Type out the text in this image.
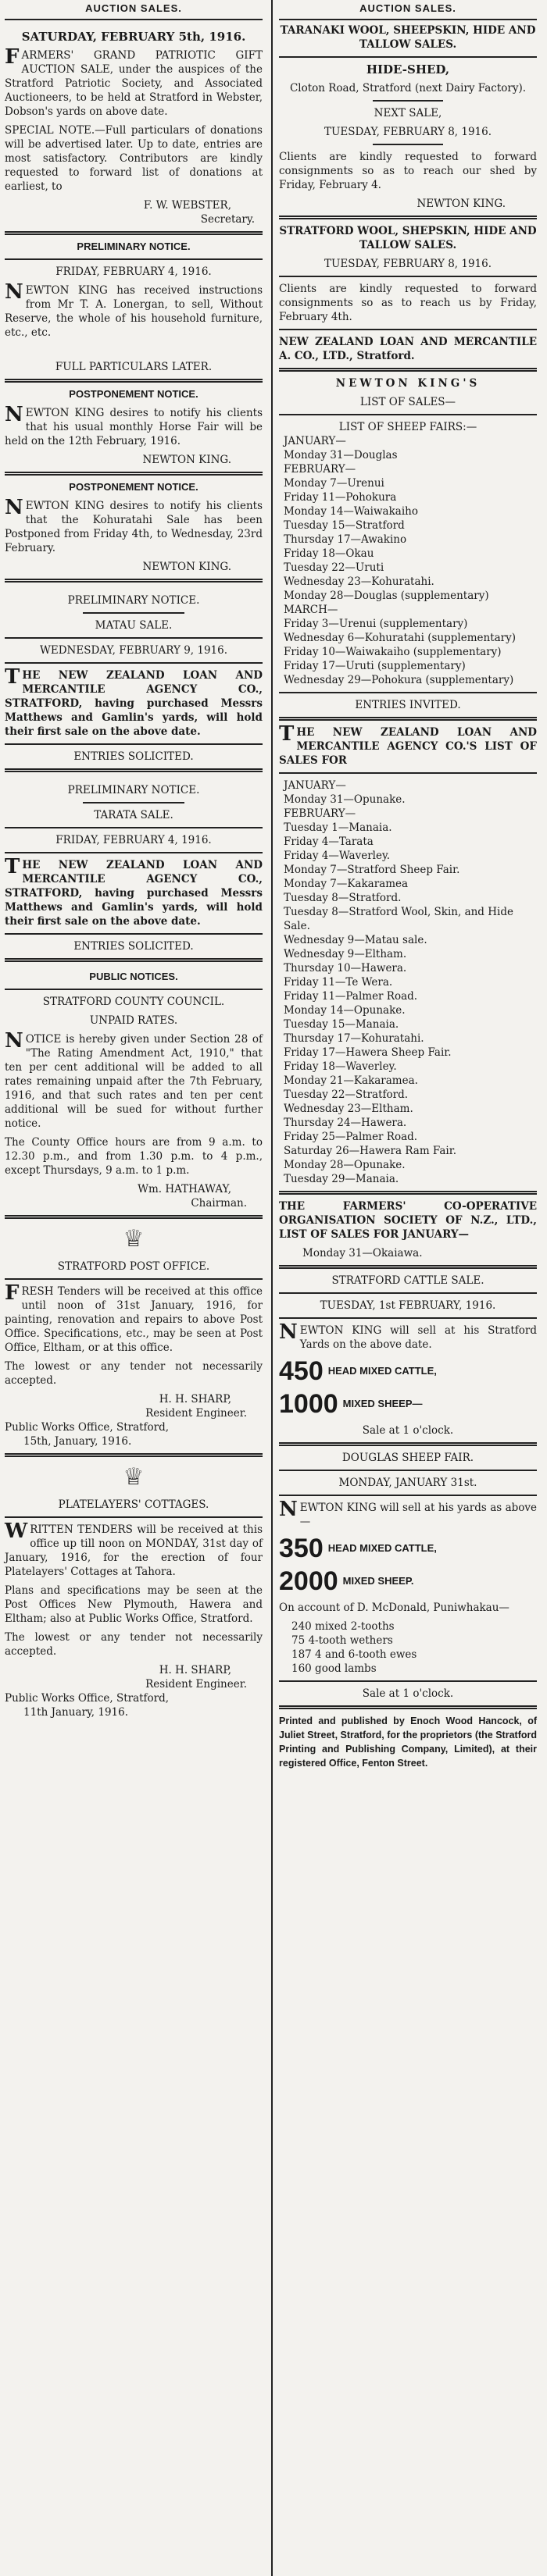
AUCTION SALES.

SATURDAY, FEBRUARY 5th, 1916.

FARMERS' GRAND PATRIOTIC GIFT AUCTION SALE, under the auspices of the Stratford Patriotic Society, and Associated Auctioneers, to be held at Stratford in Webster, Dobson's yards on above date.

SPECIAL NOTE.—Full particulars of donations will be advertised later. Up to date, entries are most satisfactory. Contributors are kindly requested to forward list of donations at earliest, to

F. W. WEBSTER,
Secretary.

PRELIMINARY NOTICE.

FRIDAY, FEBRUARY 4, 1916.

NEWTON KING has received instructions from Mr T. A. Lonergan, to sell, Without Reserve, the whole of his household furniture, etc., etc.

FULL PARTICULARS LATER.

POSTPONEMENT NOTICE.

NEWTON KING desires to notify his clients that his usual monthly Horse Fair will be held on the 12th February, 1916.

NEWTON KING.

POSTPONEMENT NOTICE.

NEWTON KING desires to notify his clients that the Kohuratahi Sale has been Postponed from Friday 4th, to Wednesday, 23rd February.

NEWTON KING.

PRELIMINARY NOTICE.

MATAU SALE.

WEDNESDAY, FEBRUARY 9, 1916.

THE NEW ZEALAND LOAN AND MERCANTILE AGENCY CO., STRATFORD, having purchased Messrs Matthews and Gamlin's yards, will hold their first sale on the above date.

ENTRIES SOLICITED.

PRELIMINARY NOTICE.

TARATA SALE.

FRIDAY, FEBRUARY 4, 1916.

THE NEW ZEALAND LOAN AND MERCANTILE AGENCY CO., STRATFORD, having purchased Messrs Matthews and Gamlin's yards, will hold their first sale on the above date.

ENTRIES SOLICITED.

PUBLIC NOTICES.

STRATFORD COUNTY COUNCIL.

UNPAID RATES.

NOTICE is hereby given under Section 28 of "The Rating Amendment Act, 1910," that ten per cent additional will be added to all rates remaining unpaid after the 7th February, 1916, and that such rates and ten per cent additional will be sued for without further notice.

The County Office hours are from 9 a.m. to 12.30 p.m., and from 1.30 p.m. to 4 p.m., except Thursdays, 9 a.m. to 1 p.m.

Wm. HATHAWAY,
Chairman.
♕

STRATFORD POST OFFICE.

FRESH Tenders will be received at this office until noon of 31st January, 1916, for painting, renovation and repairs to above Post Office. Specifications, etc., may be seen at Post Office, Eltham, or at this office.

The lowest or any tender not necessarily accepted.

H. H. SHARP,
Resident Engineer.
Public Works Office, Stratford,
15th, January, 1916.
♕

PLATELAYERS' COTTAGES.

WRITTEN TENDERS will be received at this office up till noon on MONDAY, 31st day of January, 1916, for the erection of four Platelayers' Cottages at Tahora.

Plans and specifications may be seen at the Post Offices New Plymouth, Hawera and Eltham; also at Public Works Office, Stratford.

The lowest or any tender not necessarily accepted.

H. H. SHARP,
Resident Engineer.
Public Works Office, Stratford,
11th January, 1916.
AUCTION SALES.

TARANAKI WOOL, SHEEPSKIN, HIDE AND TALLOW SALES.

HIDE-SHED,

Cloton Road, Stratford (next Dairy Factory).

NEXT SALE,

TUESDAY, FEBRUARY 8, 1916.

Clients are kindly requested to forward consignments so as to reach our shed by Friday, February 4.

NEWTON KING.

STRATFORD WOOL, SHEPSKIN, HIDE AND TALLOW SALES.

TUESDAY, FEBRUARY 8, 1916.

Clients are kindly requested to forward consignments so as to reach us by Friday, February 4th.

NEW ZEALAND LOAN AND MERCANTILE A. CO., LTD., Stratford.

NEWTON KING'S

LIST OF SALES—

LIST OF SHEEP FAIRS:—

JANUARY—
Monday 31—Douglas
FEBRUARY—
Monday 7—Urenui
Friday 11—Pohokura
Monday 14—Waiwakaiho
Tuesday 15—Stratford
Thursday 17—Awakino
Friday 18—Okau
Tuesday 22—Uruti
Wednesday 23—Kohuratahi.
Monday 28—Douglas (supplementary)
MARCH—
Friday 3—Urenui (supplementary)
Wednesday 6—Kohuratahi (supplementary)
Friday 10—Waiwakaiho (supplementary)
Friday 17—Uruti (supplementary)
Wednesday 29—Pohokura (supplementary)

ENTRIES INVITED.

THE NEW ZEALAND LOAN AND MERCANTILE AGENCY CO.'S LIST OF SALES FOR

JANUARY—
Monday 31—Opunake.
FEBRUARY—
Tuesday 1—Manaia.
Friday 4—Tarata
Friday 4—Waverley.
Monday 7—Stratford Sheep Fair.
Monday 7—Kakaramea
Tuesday 8—Stratford.
Tuesday 8—Stratford Wool, Skin, and Hide Sale.
Wednesday 9—Matau sale.
Wednesday 9—Eltham.
Thursday 10—Hawera.
Friday 11—Te Wera.
Friday 11—Palmer Road.
Monday 14—Opunake.
Tuesday 15—Manaia.
Thursday 17—Kohuratahi.
Friday 17—Hawera Sheep Fair.
Friday 18—Waverley.
Monday 21—Kakaramea.
Tuesday 22—Stratford.
Wednesday 23—Eltham.
Thursday 24—Hawera.
Friday 25—Palmer Road.
Saturday 26—Hawera Ram Fair.
Monday 28—Opunake.
Tuesday 29—Manaia.

THE FARMERS' CO-OPERATIVE ORGANISATION SOCIETY OF N.Z., LTD., LIST OF SALES FOR JANUARY—

Monday 31—Okaiawa.

STRATFORD CATTLE SALE.

TUESDAY, 1st FEBRUARY, 1916.

NEWTON KING will sell at his Stratford Yards on the above date.

450 HEAD MIXED CATTLE,
1000 MIXED SHEEP—

Sale at 1 o'clock.

DOUGLAS SHEEP FAIR.

MONDAY, JANUARY 31st.

NEWTON KING will sell at his yards as above—

350 HEAD MIXED CATTLE,
2000 MIXED SHEEP.

On account of D. McDonald, Puniwhakau—

240 mixed 2-tooths
75 4-tooth wethers
187 4 and 6-tooth ewes
160 good lambs

Sale at 1 o'clock.

Printed and published by Enoch Wood Hancock, of Juliet Street, Stratford, for the proprietors (the Stratford Printing and Publishing Company, Limited), at their registered Office, Fenton Street.
